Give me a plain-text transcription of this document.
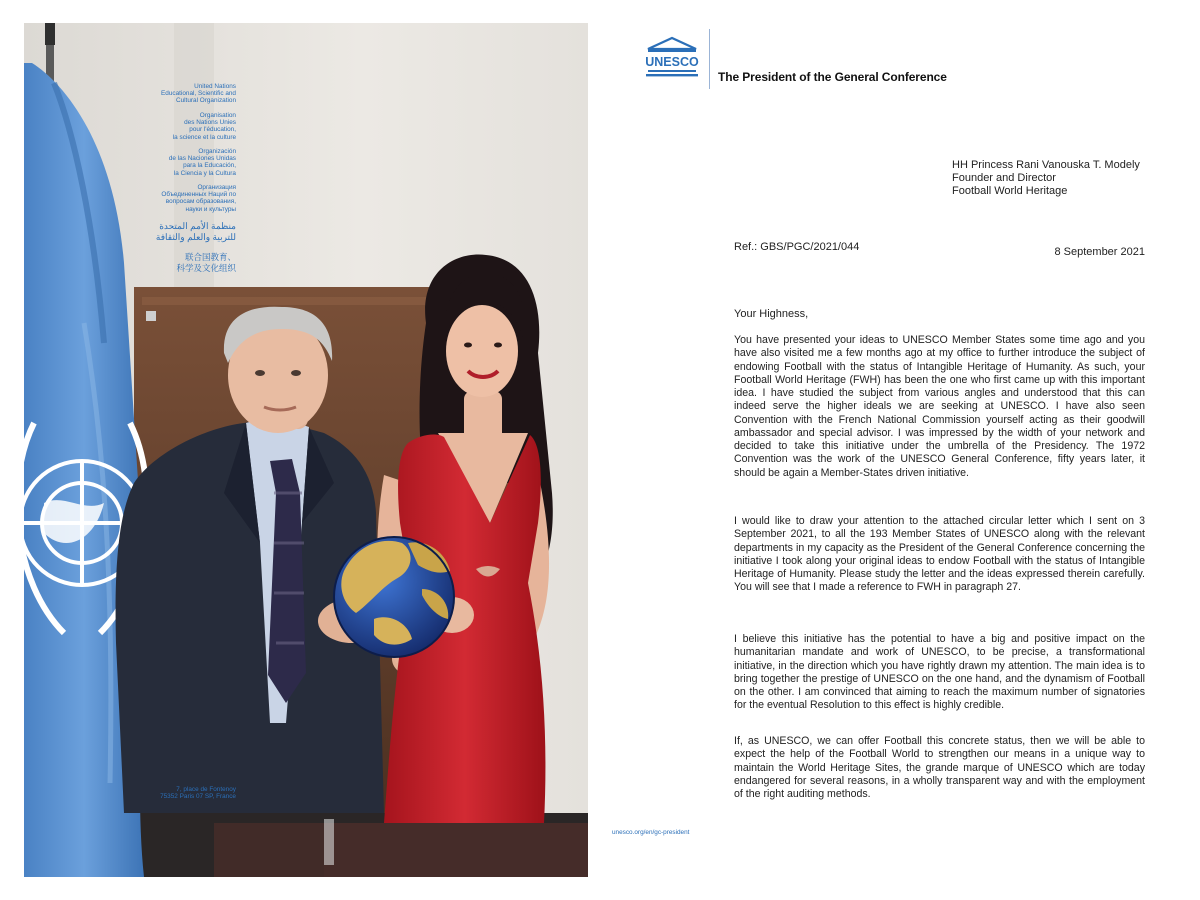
UNESCO
United Nations
Educational, Scientific and
Cultural Organization
Organisation
des Nations Unies
pour l'éducation,
la science et la culture
Organización
de las Naciones Unidas
para la Educación,
la Ciencia y la Cultura
Организация
Объединенных Наций по
вопросам образования,
науки и культуры
منظمة الأمم المتحدة
للتربية والعلم والثقافة
联合国教育、
科学及文化组织
7, place de Fontenoy
75352 Paris 07 SP, France
unesco.org/en/gc-president
The President of the General Conference
HH Princess Rani Vanouska T. Modely
Founder and Director
Football World Heritage
Ref.: GBS/PGC/2021/044	8 September 2021
Your Highness,

You have presented your ideas to UNESCO Member States some time ago and you have also visited me a few months ago at my office to further introduce the subject of endowing Football with the status of Intangible Heritage of Humanity. As such, your Football World Heritage (FWH) has been the one who first came up with this important idea. I have studied the subject from various angles and understood that this can indeed serve the higher ideals we are seeking at UNESCO. I have also seen Convention with the French National Commission yourself acting as their goodwill ambassador and special advisor. I was impressed by the width of your network and decided to take this initiative under the umbrella of the Presidency. The 1972 Convention was the work of the UNESCO General Conference, fifty years later, it should be again a Member-States driven initiative.

I would like to draw your attention to the attached circular letter which I sent on 3 September 2021, to all the 193 Member States of UNESCO along with the relevant departments in my capacity as the President of the General Conference concerning the initiative I took along your original ideas to endow Football with the status of Intangible Heritage of Humanity. Please study the letter and the ideas expressed therein carefully. You will see that I made a reference to FWH in paragraph 27.

I believe this initiative has the potential to have a big and positive impact on the humanitarian mandate and work of UNESCO, to be precise, a transformational initiative, in the direction which you have rightly drawn my attention. The main idea is to bring together the prestige of UNESCO on the one hand, and the dynamism of Football on the other. I am convinced that aiming to reach the maximum number of signatories for the eventual Resolution to this effect is highly credible.

If, as UNESCO, we can offer Football this concrete status, then we will be able to expect the help of the Football World to strengthen our means in a unique way to maintain the World Heritage Sites, the grande marque of UNESCO which are today endangered for several reasons, in a wholly transparent way and with the employment of the right auditing methods.
